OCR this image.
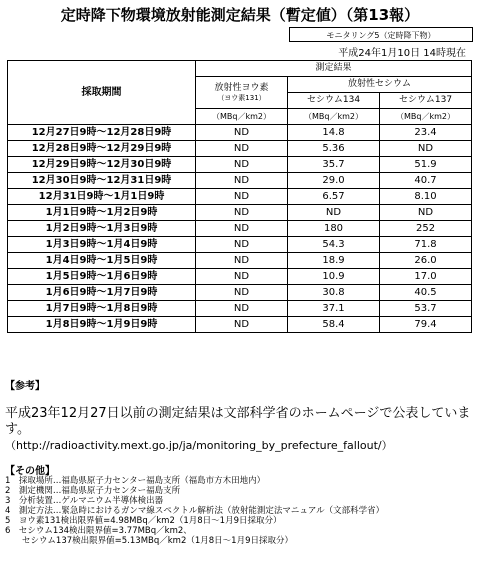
定時降下物環境放射能測定結果（暫定値）（第13報）
モニタリング5（定時降下物）
平成24年1月10日 14時現在
採取期間	測定結果		

	放射性ヨウ素
（ヨウ素131）	放射性セシウム	
		セシウム134	セシウム137
	（MBq／km2）	（MBq／km2）	（MBq／km2）
12月27日9時～12月28日9時	ND	14.8	23.4
12月28日9時～12月29日9時	ND	5.36	ND
12月29日9時～12月30日9時	ND	35.7	51.9
12月30日9時～12月31日9時	ND	29.0	40.7
12月31日9時～1月1日9時	ND	6.57	8.10
1月1日9時～1月2日9時	ND	ND	ND
1月2日9時～1月3日9時	ND	180	252
1月3日9時～1月4日9時	ND	54.3	71.8
1月4日9時～1月5日9時	ND	18.9	26.0
1月5日9時～1月6日9時	ND	10.9	17.0
1月6日9時～1月7日9時	ND	30.8	40.5
1月7日9時～1月8日9時	ND	37.1	53.7
1月8日9時～1月9日9時	ND	58.4	79.4
【参考】
平成23年12月27日以前の測定結果は文部科学省のホームページで公表しています。
（http://radioactivity.mext.go.jp/ja/monitoring_by_prefecture_fallout/）
【その他】
1　採取場所…福島県原子力センター福島支所（福島市方木田地内）
2　測定機関…福島県原子力センター福島支所
3　分析装置…ゲルマニウム半導体検出器
4　測定方法…緊急時におけるガンマ線スペクトル解析法（放射能測定法マニュアル（文部科学省）
5　ヨウ素131検出限界値=4.98MBq／km2（1月8日～1月9日採取分）
6　セシウム134検出限界値=3.77MBq／km2、
　　セシウム137検出限界値=5.13MBq／km2（1月8日～1月9日採取分）
